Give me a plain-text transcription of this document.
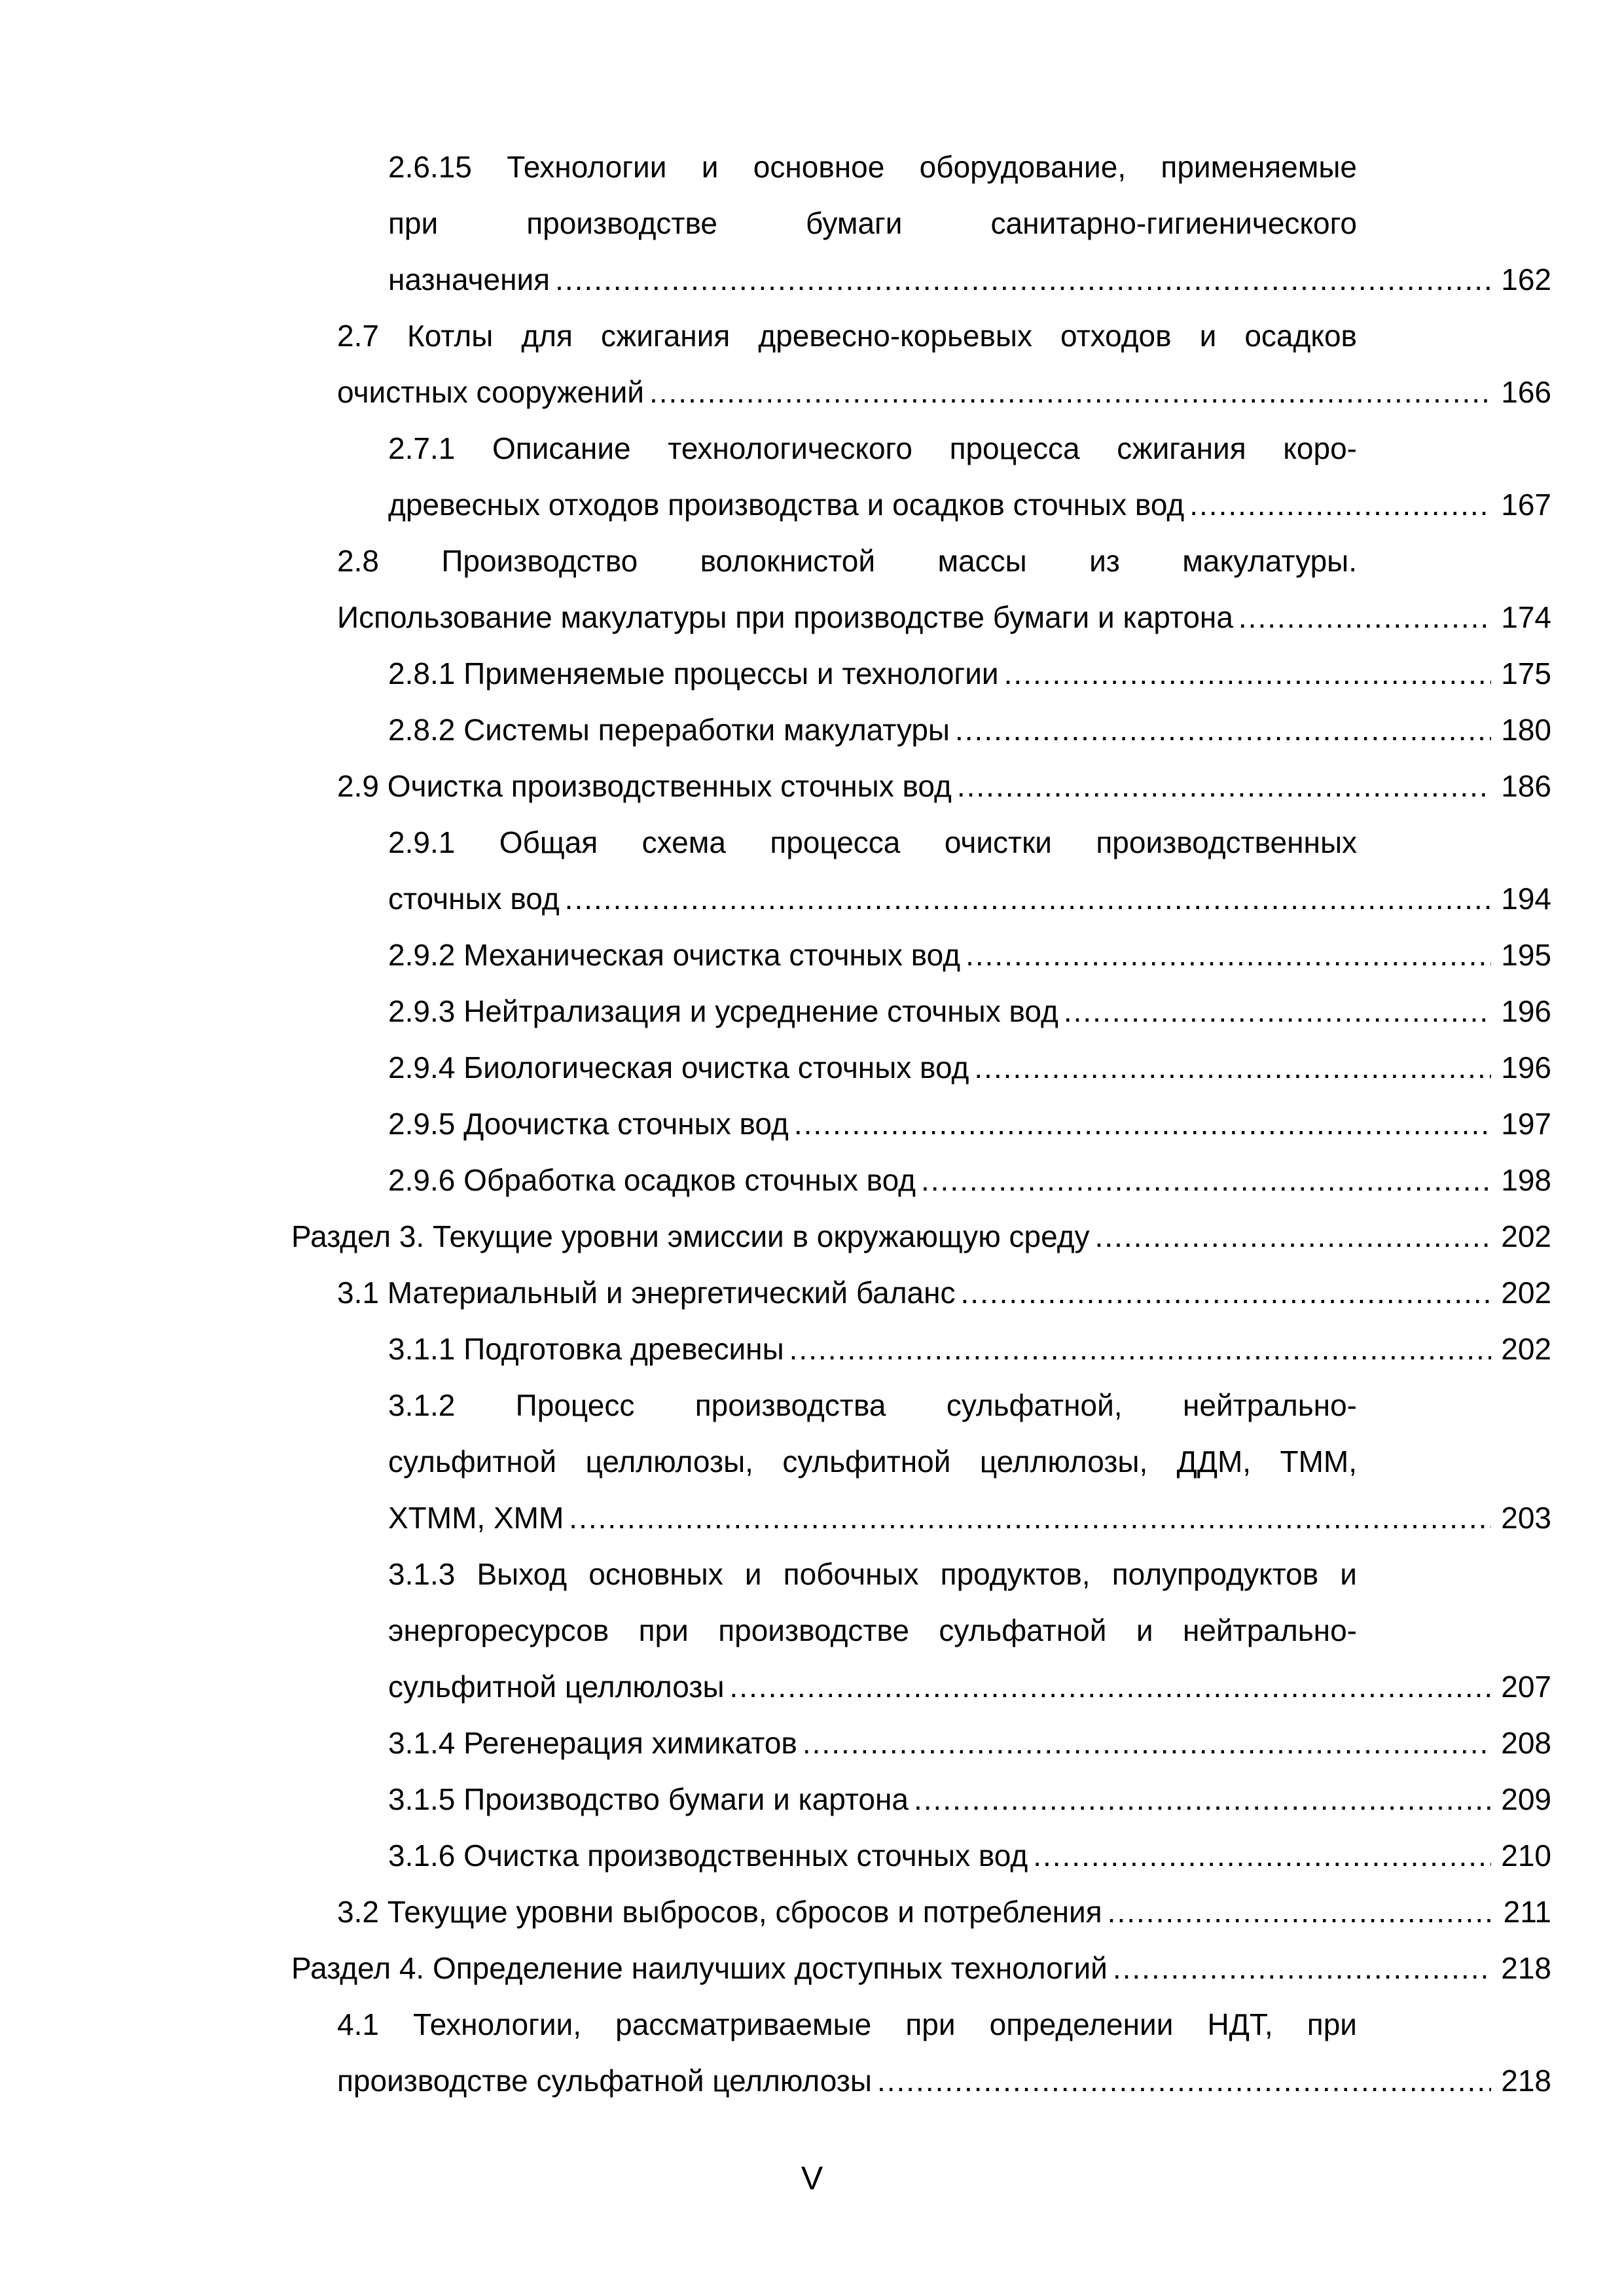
2.6.15 Технологии и основное оборудование, применяемые
при производстве бумаги санитарно-гигиенического
назначения .....	162
2.7 Котлы для сжигания древесно-корьевых отходов и осадков
очистных сооружений .....	166
2.7.1 Описание технологического процесса сжигания коро-
древесных отходов производства и осадков сточных вод .....	167
2.8 Производство волокнистой массы из макулатуры.
Использование макулатуры при производстве бумаги и картона .....	174
2.8.1 Применяемые процессы и технологии .....	175
2.8.2 Системы переработки макулатуры .....	180
2.9 Очистка производственных сточных вод .....	186
2.9.1 Общая схема процесса очистки производственных
сточных вод .....	194
2.9.2 Механическая очистка сточных вод .....	195
2.9.3 Нейтрализация и усреднение сточных вод .....	196
2.9.4 Биологическая очистка сточных вод .....	196
2.9.5 Доочистка сточных вод .....	197
2.9.6 Обработка осадков сточных вод .....	198
Раздел 3. Текущие уровни эмиссии в окружающую среду .....	202
3.1 Материальный и энергетический баланс .....	202
3.1.1 Подготовка древесины .....	202
3.1.2 Процесс производства сульфатной, нейтрально-
сульфитной целлюлозы, сульфитной целлюлозы, ДДМ, ТММ,
ХТММ, ХММ .....	203
3.1.3 Выход основных и побочных продуктов, полупродуктов и
энергоресурсов при производстве сульфатной и нейтрально-
сульфитной целлюлозы .....	207
3.1.4 Регенерация химикатов .....	208
3.1.5 Производство бумаги и картона .....	209
3.1.6 Очистка производственных сточных вод .....	210
3.2 Текущие уровни выбросов, сбросов и потребления .....	211
Раздел 4. Определение наилучших доступных технологий .....	218
4.1 Технологии, рассматриваемые при определении НДТ, при
производстве сульфатной целлюлозы .....	218
V
